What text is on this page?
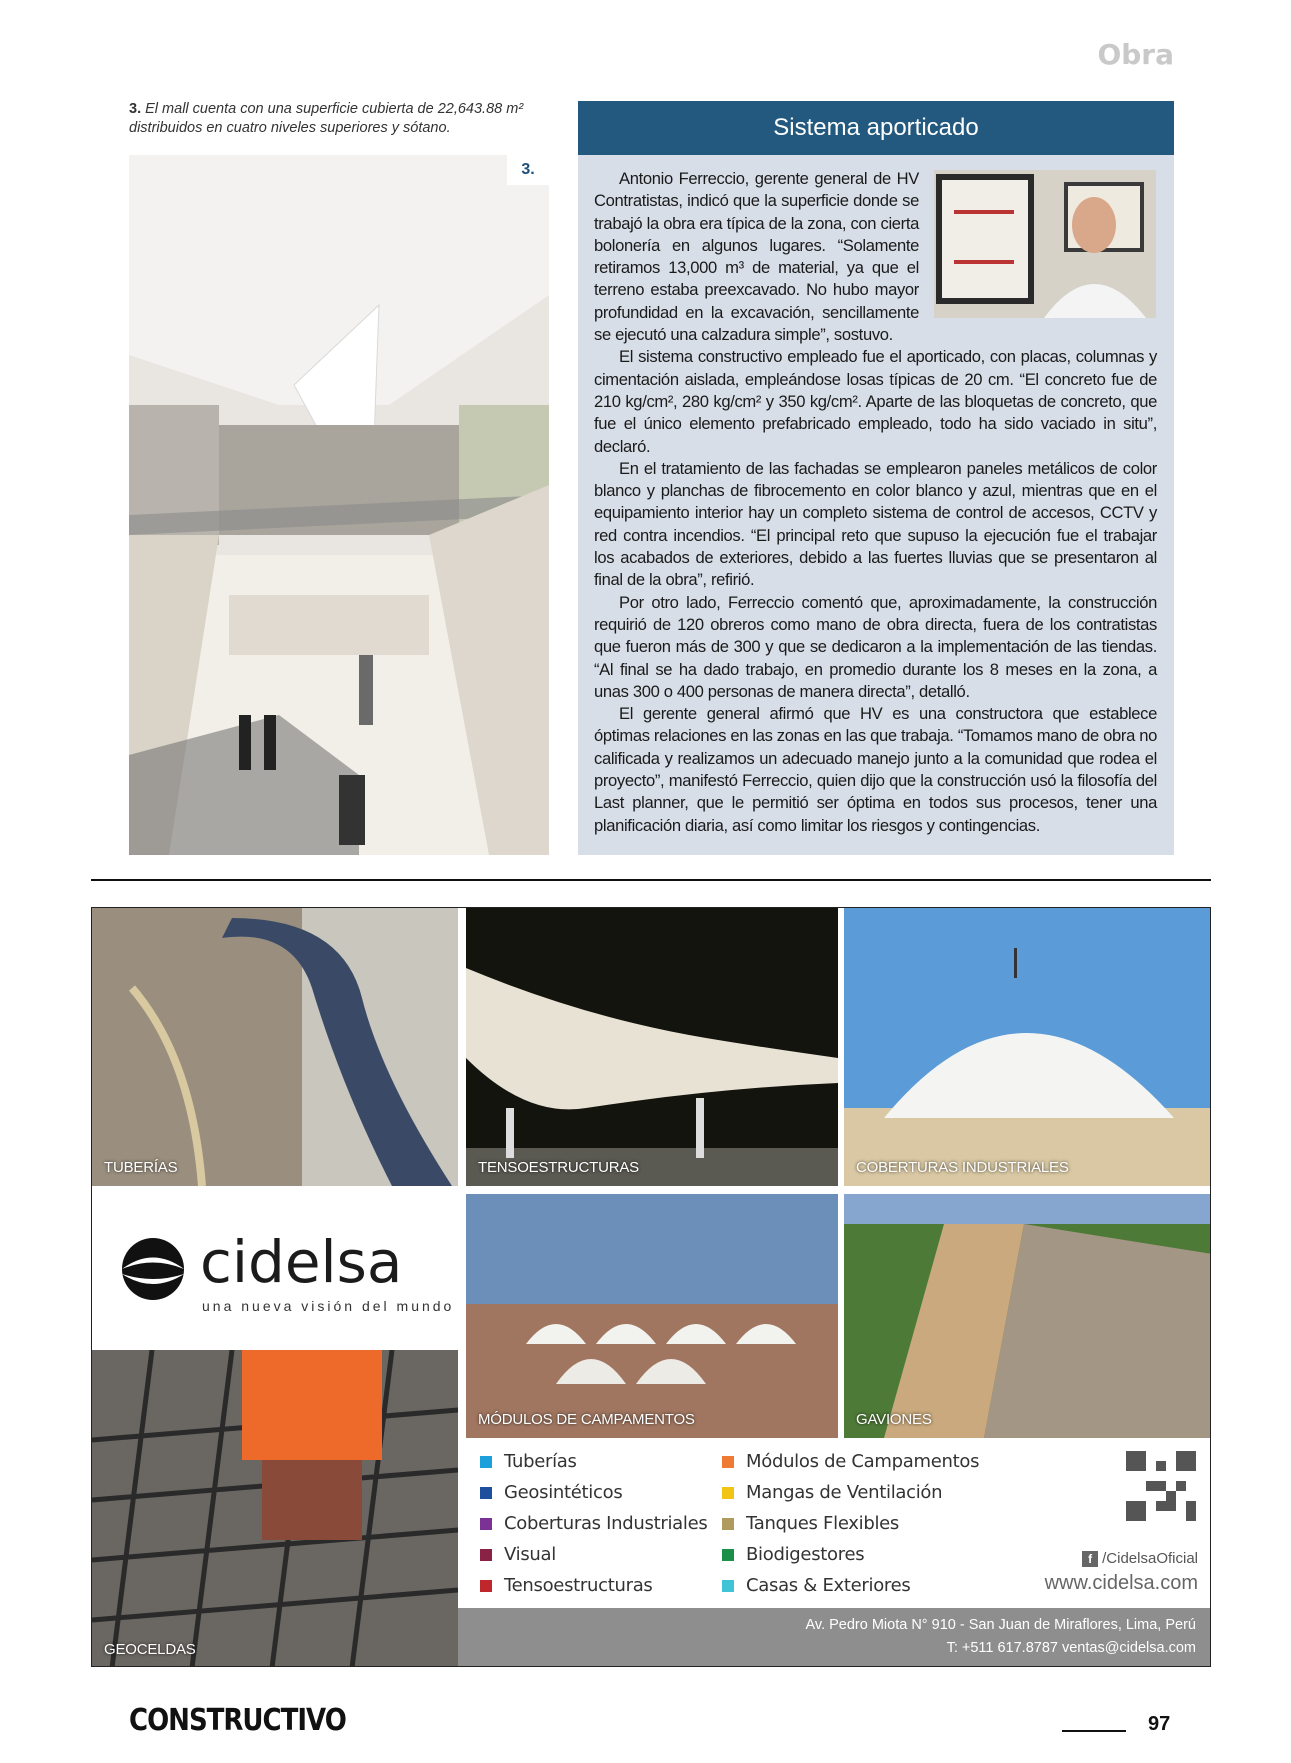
Obra
3. El mall cuenta con una superficie cubierta de 22,643.88 m² distribuidos en cuatro niveles superiores y sótano.
3.
Sistema aporticado

Antonio Ferreccio, gerente general de HV Contratistas, indicó que la superficie donde se trabajó la obra era típica de la zona, con cierta bolonería en algunos lugares. “Solamente retiramos 13,000 m³ de material, ya que el terreno estaba preexcavado. No hubo mayor profundidad en la excavación, sencillamente se ejecutó una calzadura simple”, sostuvo.

El sistema constructivo empleado fue el aporticado, con placas, columnas y cimentación aislada, empleándose losas típicas de 20 cm. “El concreto fue de 210 kg/cm², 280 kg/cm² y 350 kg/cm². Aparte de las bloquetas de concreto, que fue el único elemento prefabricado empleado, todo ha sido vaciado in situ”, declaró.

En el tratamiento de las fachadas se emplearon paneles metálicos de color blanco y planchas de fibrocemento en color blanco y azul, mientras que en el equipamiento interior hay un completo sistema de control de accesos, CCTV y red contra incendios. “El principal reto que supuso la ejecución fue el trabajar los acabados de exteriores, debido a las fuertes lluvias que se presentaron al final de la obra”, refirió.

Por otro lado, Ferreccio comentó que, aproximadamente, la construcción requirió de 120 obreros como mano de obra directa, fuera de los contratistas que fueron más de 300 y que se dedicaron a la implementación de las tiendas. “Al final se ha dado trabajo, en promedio durante los 8 meses en la zona, a unas 300 o 400 personas de manera directa”, detalló.

El gerente general afirmó que HV es una constructora que establece óptimas relaciones en las zonas en las que trabaja. “Tomamos mano de obra no calificada y realizamos un adecuado manejo junto a la comunidad que rodea el proyecto”, manifestó Ferreccio, quien dijo que la construcción usó la filosofía del Last planner, que le permitió ser óptima en todos sus procesos, tener una planificación diaria, así como limitar los riesgos y contingencias.

TUBERÍAS	TENSOESTRUCTURAS	COBERTURAS INDUSTRIALES
cidelsa
una nueva visión del mundo
MÓDULOS DE CAMPAMENTOS	GAVIONES
GEOCELDAS
Tuberías
Geosintéticos
Coberturas Industriales
Visual
Tensoestructuras
Módulos de Campamentos
Mangas de Ventilación
Tanques Flexibles
Biodigestores
Casas & Exteriores
f /CidelsaOficial
www.cidelsa.com
Av. Pedro Miota N° 910 - San Juan de Miraflores, Lima, Perú
T: +511 617.8787 ventas@cidelsa.com
CONSTRUCTIVO	97
